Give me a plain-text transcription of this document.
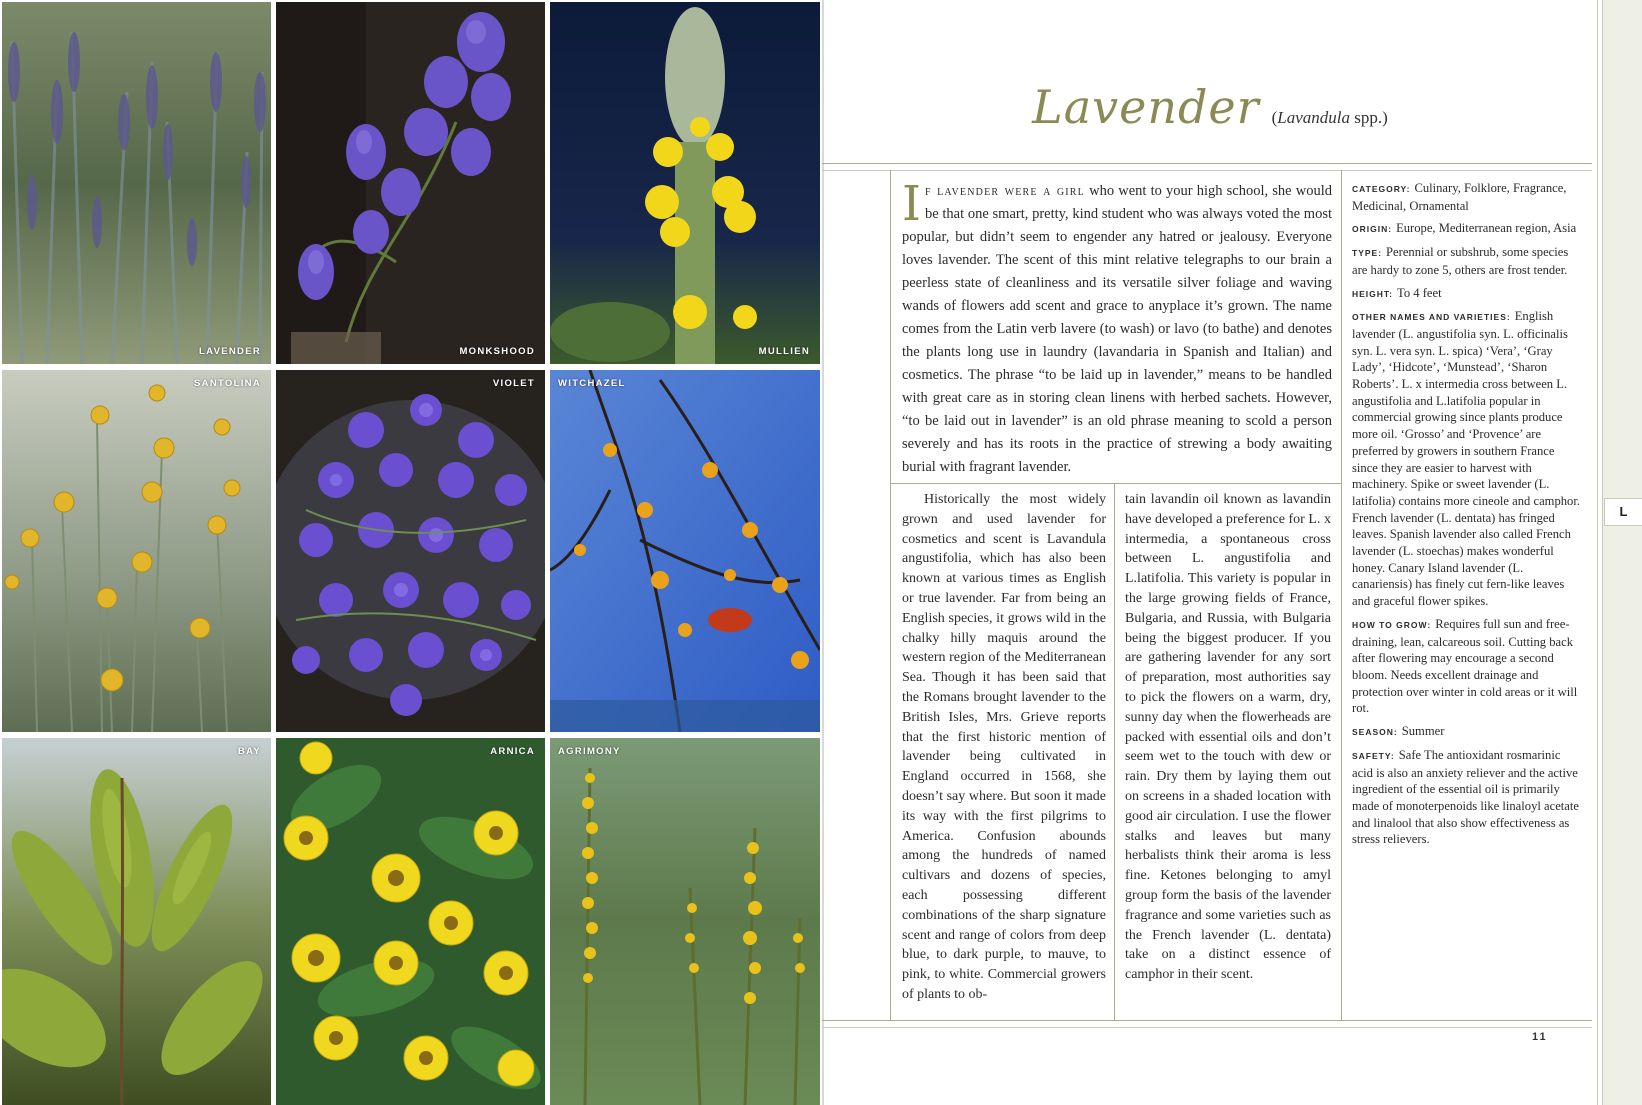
LAVENDER	MONKSHOOD	MULLIEN
SANTOLINA	VIOLET WITCHAZEL
BAY	ARNICA AGRIMONY
L
Lavender (Lavandula spp.)

If lavender were a girl who went to your high school, she would be that one smart, pretty, kind student who was always voted the most popular, but didn’t seem to engender any hatred or jealousy. Everyone loves lavender. The scent of this mint relative telegraphs to our brain a peerless state of cleanliness and its versatile silver foliage and waving wands of flowers add scent and grace to anyplace it’s grown. The name comes from the Latin verb lavere (to wash) or lavo (to bathe) and denotes the plants long use in laundry (lavandaria in Spanish and Italian) and cosmetics. The phrase “to be laid up in lavender,” means to be handled with great care as in storing clean linens with herbed sachets. However, “to be laid out in lavender” is an old phrase meaning to scold a person severely and has its roots in the practice of strewing a body awaiting burial with fragrant lavender.

Historically the most widely grown and used lavender for cosmetics and scent is Lavandula angustifolia, which has also been known at various times as English or true lavender. Far from being an English species, it grows wild in the chalky hilly maquis around the western region of the Mediterranean Sea. Though it has been said that the Romans brought lavender to the British Isles, Mrs. Grieve reports that the first historic mention of lavender being cultivated in England occurred in 1568, she doesn’t say where. But soon it made its way with the first pilgrims to America. Confusion abounds among the hundreds of named cultivars and dozens of species, each possessing different combinations of the sharp signature scent and range of colors from deep blue, to dark purple, to mauve, to pink, to white. Commercial growers of plants to ob-

tain lavandin oil known as lavandin have developed a preference for L. x intermedia, a spontaneous cross between L. angustifolia and L.latifolia. This variety is popular in the large growing fields of France, Bulgaria, and Russia, with Bulgaria being the biggest producer. If you are gathering lavender for any sort of preparation, most authorities say to pick the flowers on a warm, dry, sunny day when the flowerheads are packed with essential oils and don’t seem wet to the touch with dew or rain. Dry them by laying them out on screens in a shaded location with good air circulation. I use the flower stalks and leaves but many herbalists think their aroma is less fine. Ketones belonging to amyl group form the basis of the lavender fragrance and some varieties such as the French lavender (L. dentata) take on a distinct essence of camphor in their scent.

CATEGORY: Culinary, Folklore, Fragrance, Medicinal, Ornamental
ORIGIN: Europe, Mediterranean region, Asia
TYPE: Perennial or subshrub, some species are hardy to zone 5, others are frost tender.
HEIGHT: To 4 feet
OTHER NAMES AND VARIETIES: English lavender (L. angustifolia syn. L. officinalis syn. L. vera syn. L. spica) ‘Vera’, ‘Gray Lady’, ‘Hidcote’, ‘Munstead’, ‘Sharon Roberts’. L. x intermedia cross between L. angustifolia and L.latifolia popular in commercial growing since plants produce more oil. ‘Grosso’ and ‘Provence’ are preferred by growers in southern France since they are easier to harvest with machinery. Spike or sweet lavender (L. latifolia) contains more cineole and camphor. French lavender (L. dentata) has fringed leaves. Spanish lavender also called French lavender (L. stoechas) makes wonderful honey. Canary Island lavender (L. canariensis) has finely cut fern-like leaves and graceful flower spikes.
HOW TO GROW: Requires full sun and free-draining, lean, calcareous soil. Cutting back after flowering may encourage a second bloom. Needs excellent drainage and protection over winter in cold areas or it will rot.
SEASON: Summer
SAFETY: Safe The antioxidant rosmarinic acid is also an anxiety reliever and the active ingredient of the essential oil is primarily made of monoterpenoids like linaloyl acetate and linalool that also show effectiveness as stress relievers.
11
